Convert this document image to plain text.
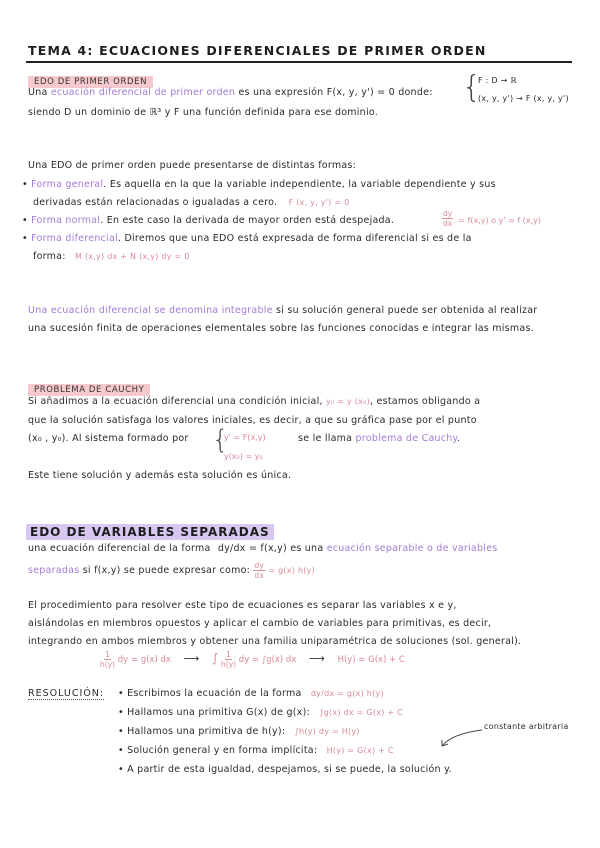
TEMA 4: ECUACIONES DIFERENCIALES DE PRIMER ORDEN
EDO DE PRIMER ORDEN
Una ecuación diferencial de primer orden es una expresión F(x, y, y') = 0 donde: {
F : D → ℝ
(x, y, y') → F (x, y, y')
siendo D un dominio de ℝ³ y F una función definida para ese dominio.
Una EDO de primer orden puede presentarse de distintas formas:
• Forma general. Es aquella en la que la variable independiente, la variable dependiente y sus
derivadas están relacionadas o igualadas a cero. F (x, y, y') = 0
• Forma normal. En este caso la derivada de mayor orden está despejada.	$\frac{dy}{dx} = f(x,y)$ o y' = f (x,y)
• Forma diferencial. Diremos que una EDO está expresada de forma diferencial si es de la
forma: M (x,y) dx + N (x,y) dy = 0
Una ecuación diferencial se denomina integrable si su solución general puede ser obtenida al realizar
una sucesión finita de operaciones elementales sobre las funciones conocidas e integrar las mismas.
PROBLEMA DE CAUCHY
Si añadimos a la ecuación diferencial una condición inicial, y₀ = y (x₀), estamos obligando a
que la solución satisfaga los valores iniciales, es decir, a que su gráfica pase por el punto
(x₀ , y₀). Al sistema formado por {
y' = F(x,y)
y(x₀) = y₀
se le llama problema de Cauchy.
Este tiene solución y además esta solución es única.
EDO DE VARIABLES SEPARADAS
una ecuación diferencial de la forma dy/dx = f(x,y) es una ecuación separable o de variables
separadas si f(x,y) se puede expresar como: $\frac{dy}{dx} = g(x)$ h(y)
El procedimiento para resolver este tipo de ecuaciones es separar las variables x e y,
aislándolas en miembros opuestos y aplicar el cambio de variables para primitivas, es decir,
integrando en ambos miembros y obtener una familia uniparamétrica de soluciones (sol. general).
$\frac{1}{h(y)}$ dy = g(x) dx ⟶ ∫ $\frac{1}{h(y)}$ dy = ∫g(x) dx ⟶ H(y) = G(x) + C
RESOLUCIÓN: • Escribimos la ecuación de la forma dy/dx = g(x) h(y)
• Hallamos una primitiva G(x) de g(x): ∫g(x) dx = G(x) + C
• Hallamos una primitiva de h(y): ∫h(y) dy = H(y)
• Solución general y en forma implícita: H(y) = G(x) + C
• A partir de esta igualdad, despejamos, si se puede, la solución y.
constante arbitraria
